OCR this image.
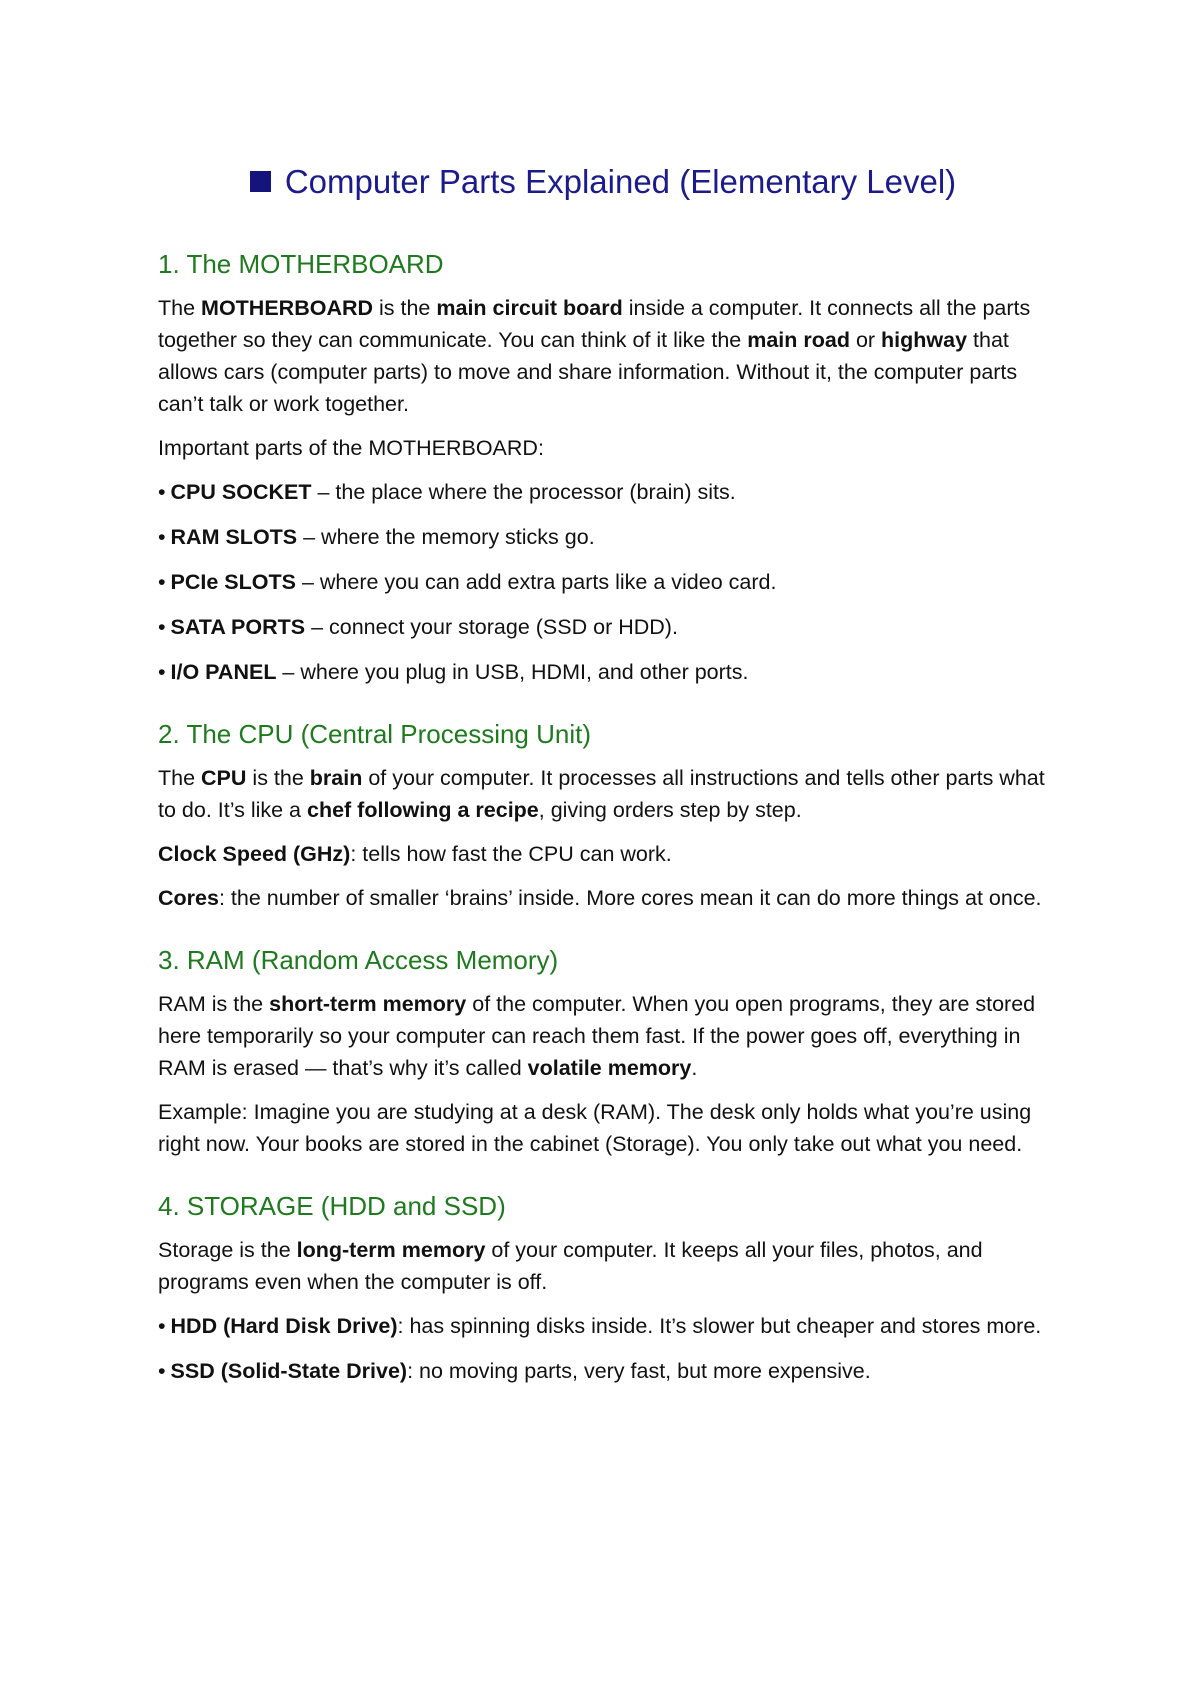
Computer Parts Explained (Elementary Level)
1. The MOTHERBOARD

The MOTHERBOARD is the main circuit board inside a computer. It connects all the parts together so they can communicate. You can think of it like the main road or highway that allows cars (computer parts) to move and share information. Without it, the computer parts can’t talk or work together.

Important parts of the MOTHERBOARD:

• CPU SOCKET – the place where the processor (brain) sits.

• RAM SLOTS – where the memory sticks go.

• PCIe SLOTS – where you can add extra parts like a video card.

• SATA PORTS – connect your storage (SSD or HDD).

• I/O PANEL – where you plug in USB, HDMI, and other ports.

2. The CPU (Central Processing Unit)

The CPU is the brain of your computer. It processes all instructions and tells other parts what to do. It’s like a chef following a recipe, giving orders step by step.

Clock Speed (GHz): tells how fast the CPU can work.

Cores: the number of smaller ‘brains’ inside. More cores mean it can do more things at once.

3. RAM (Random Access Memory)

RAM is the short-term memory of the computer. When you open programs, they are stored here temporarily so your computer can reach them fast. If the power goes off, everything in RAM is erased — that’s why it’s called volatile memory.

Example: Imagine you are studying at a desk (RAM). The desk only holds what you’re using right now. Your books are stored in the cabinet (Storage). You only take out what you need.

4. STORAGE (HDD and SSD)

Storage is the long-term memory of your computer. It keeps all your files, photos, and programs even when the computer is off.

• HDD (Hard Disk Drive): has spinning disks inside. It’s slower but cheaper and stores more.

• SSD (Solid-State Drive): no moving parts, very fast, but more expensive.
